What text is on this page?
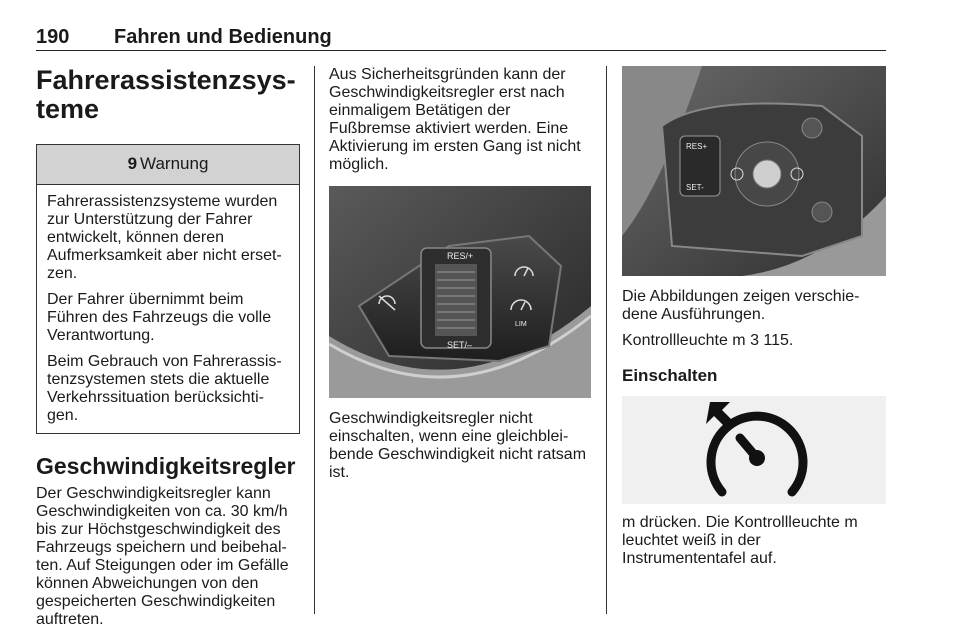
190 Fahren und Bedienung
Fahrerassistenzsys-teme
9 Warnung

Fahrerassistenzsysteme wurden zur Unterstützung der Fahrer entwickelt, können deren Aufmerksamkeit aber nicht erset-zen.

Der Fahrer übernimmt beim Führen des Fahrzeugs die volle Verantwortung.

Beim Gebrauch von Fahrerassis-tenzsystemen stets die aktuelle Verkehrssituation berücksichti-gen.

Geschwindigkeitsregler

Der Geschwindigkeitsregler kann Geschwindigkeiten von ca. 30 km/h bis zur Höchstgeschwindigkeit des Fahrzeugs speichern und beibehal-ten. Auf Steigungen oder im Gefälle können Abweichungen von den gespeicherten Geschwindigkeiten auftreten.

Aus Sicherheitsgründen kann der Geschwindigkeitsregler erst nach einmaligem Betätigen der Fußbremse aktiviert werden. Eine Aktivierung im ersten Gang ist nicht möglich.

RES/+
SET/–
LIM

Geschwindigkeitsregler nicht einschalten, wenn eine gleichblei-bende Geschwindigkeit nicht ratsam ist.

RES+
SET-

Die Abbildungen zeigen verschie-dene Ausführungen.

Kontrollleuchte m 3 115.

Einschalten

m drücken. Die Kontrollleuchte m leuchtet weiß in der Instrumententafel auf.
